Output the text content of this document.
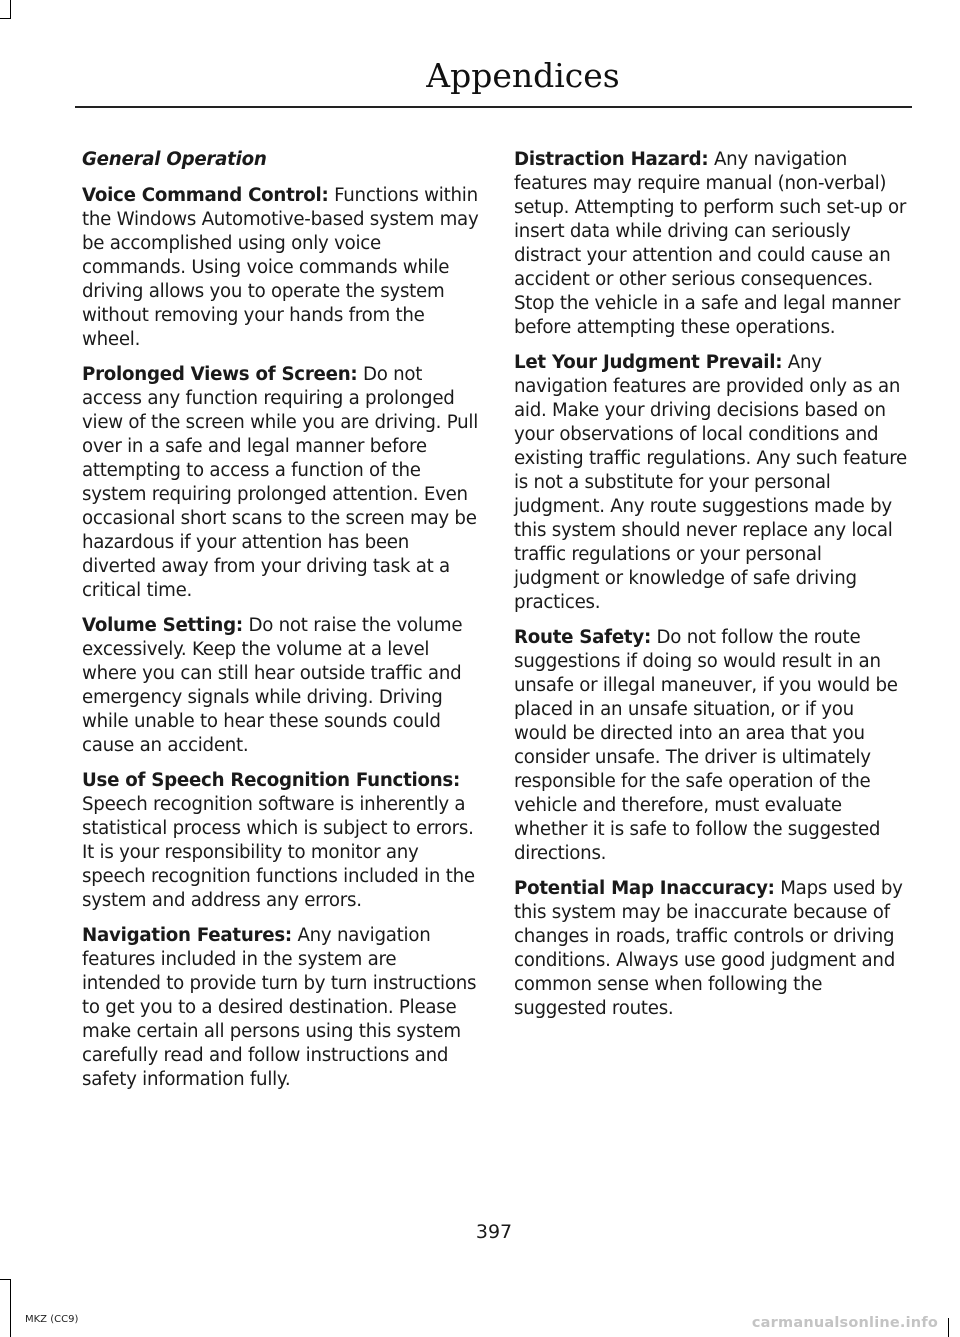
Appendices

General Operation

Voice Command Control: Functions within the Windows Automotive-based system may be accomplished using only voice commands. Using voice commands while driving allows you to operate the system without removing your hands from the wheel.

Prolonged Views of Screen: Do not access any function requiring a prolonged view of the screen while you are driving. Pull over in a safe and legal manner before attempting to access a function of the system requiring prolonged attention. Even occasional short scans to the screen may be hazardous if your attention has been diverted away from your driving task at a critical time.

Volume Setting: Do not raise the volume excessively. Keep the volume at a level where you can still hear outside traffic and emergency signals while driving. Driving while unable to hear these sounds could cause an accident.

Use of Speech Recognition Functions: Speech recognition software is inherently a statistical process which is subject to errors. It is your responsibility to monitor any speech recognition functions included in the system and address any errors.

Navigation Features: Any navigation features included in the system are intended to provide turn by turn instructions to get you to a desired destination. Please make certain all persons using this system carefully read and follow instructions and safety information fully.

Distraction Hazard: Any navigation features may require manual (non-verbal) setup. Attempting to perform such set-up or insert data while driving can seriously distract your attention and could cause an accident or other serious consequences. Stop the vehicle in a safe and legal manner before attempting these operations.

Let Your Judgment Prevail: Any navigation features are provided only as an aid. Make your driving decisions based on your observations of local conditions and existing traffic regulations. Any such feature is not a substitute for your personal judgment. Any route suggestions made by this system should never replace any local traffic regulations or your personal judgment or knowledge of safe driving practices.

Route Safety: Do not follow the route suggestions if doing so would result in an unsafe or illegal maneuver, if you would be placed in an unsafe situation, or if you would be directed into an area that you consider unsafe. The driver is ultimately responsible for the safe operation of the vehicle and therefore, must evaluate whether it is safe to follow the suggested directions.

Potential Map Inaccuracy: Maps used by this system may be inaccurate because of changes in roads, traffic controls or driving conditions. Always use good judgment and common sense when following the suggested routes.

397
MKZ (CC9)	carmanualsonline.info
